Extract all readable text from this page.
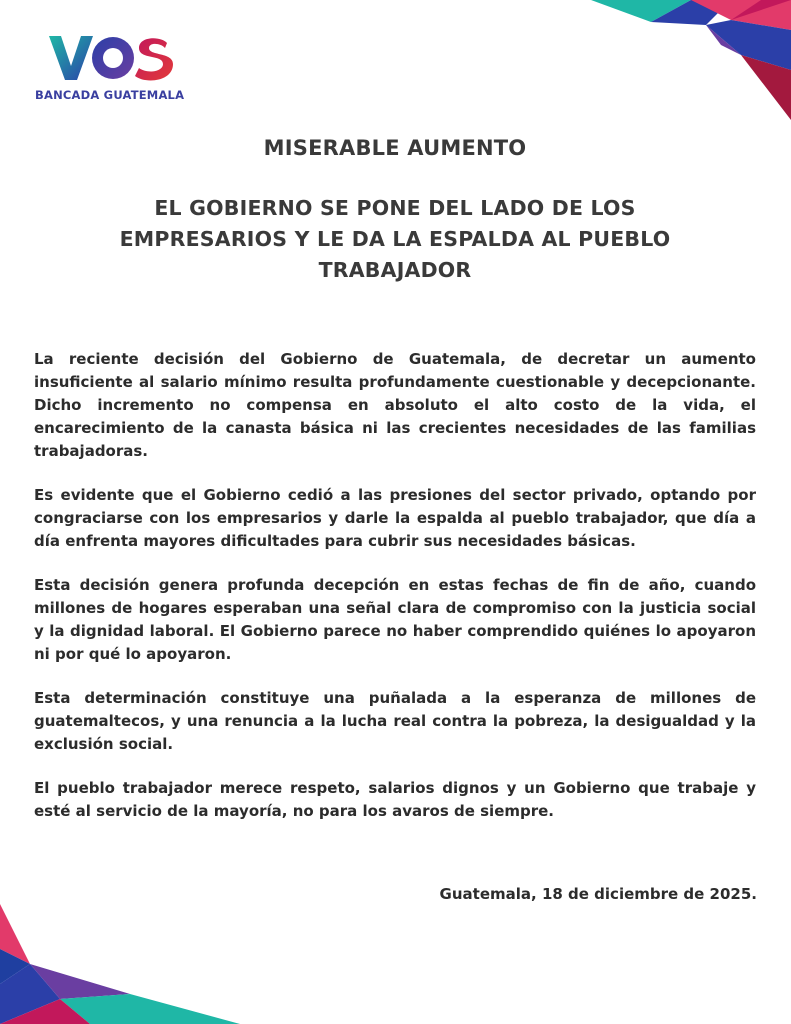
BANCADA GUATEMALA
MISERABLE AUMENTO
EL GOBIERNO SE PONE DEL LADO DE LOS
EMPRESARIOS Y LE DA LA ESPALDA AL PUEBLO
TRABAJADOR

La reciente decisión del Gobierno de Guatemala, de decretar un aumento insuficiente al salario mínimo resulta profundamente cuestionable y decepcionante. Dicho incremento no compensa en absoluto el alto costo de la vida, el encarecimiento de la canasta básica ni las crecientes necesidades de las familias trabajadoras.

Es evidente que el Gobierno cedió a las presiones del sector privado, optando por congraciarse con los empresarios y darle la espalda al pueblo trabajador, que día a día enfrenta mayores dificultades para cubrir sus necesidades básicas.

Esta decisión genera profunda decepción en estas fechas de fin de año, cuando millones de hogares esperaban una señal clara de compromiso con la justicia social y la dignidad laboral. El Gobierno parece no haber comprendido quiénes lo apoyaron ni por qué lo apoyaron.

Esta determinación constituye una puñalada a la esperanza de millones de guatemaltecos, y una renuncia a la lucha real contra la pobreza, la desigualdad y la exclusión social.

El pueblo trabajador merece respeto, salarios dignos y un Gobierno que trabaje y esté al servicio de la mayoría, no para los avaros de siempre.

Guatemala, 18 de diciembre de 2025.
